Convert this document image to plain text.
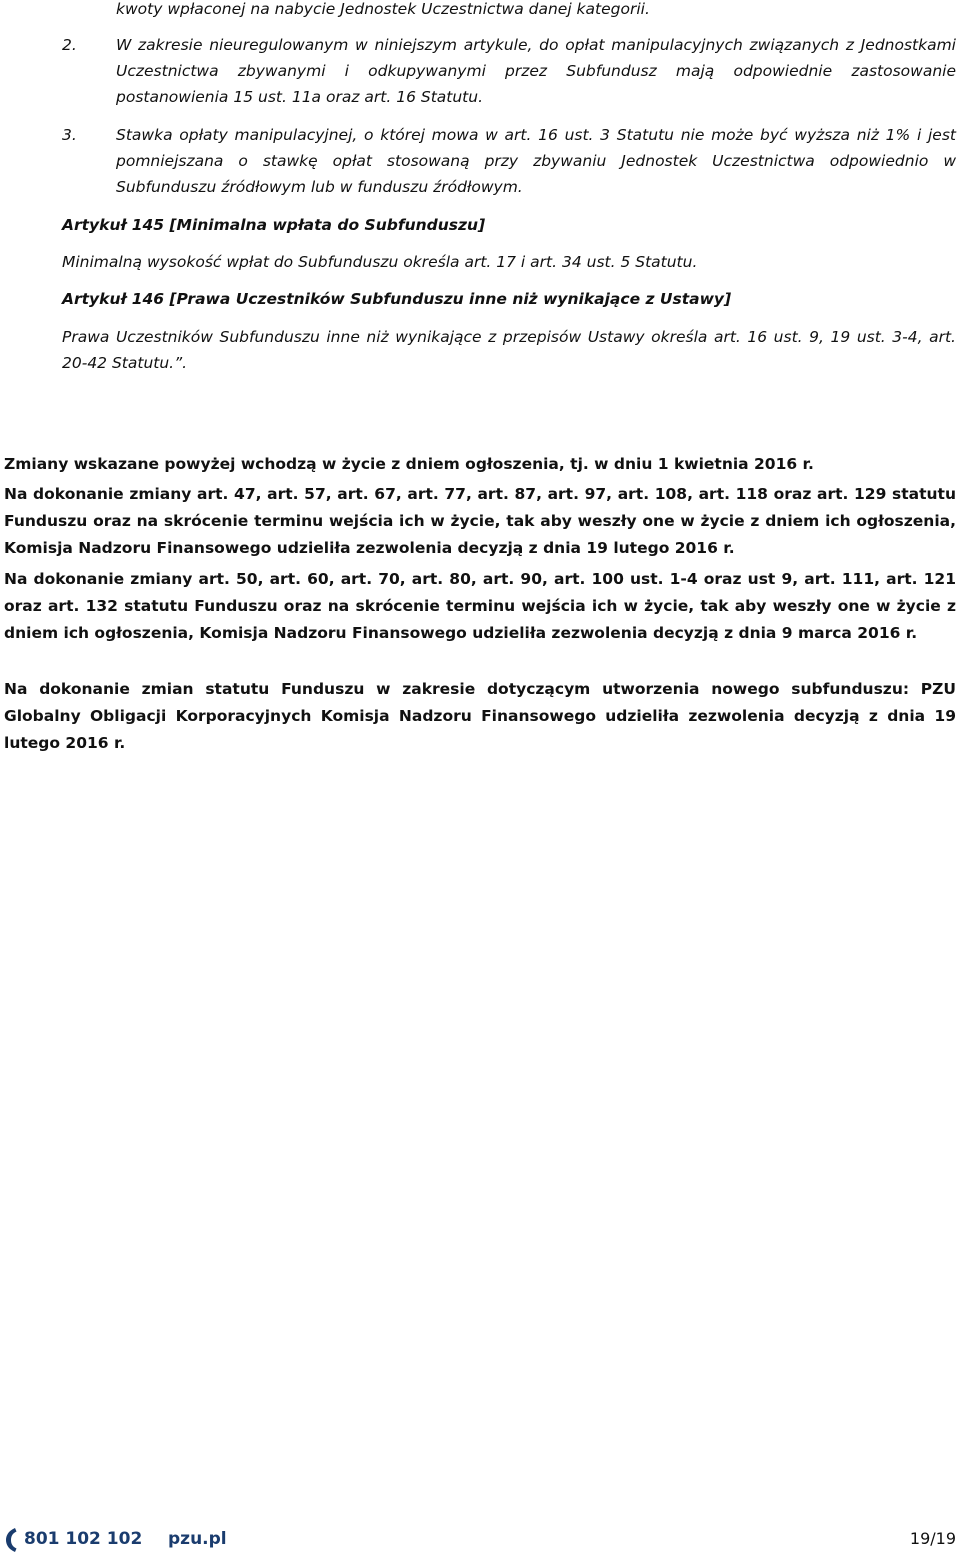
kwoty wpłaconej na nabycie Jednostek Uczestnictwa danej kategorii.
2.	W zakresie nieuregulowanym w niniejszym artykule, do opłat manipulacyjnych związanych z Jednostkami Uczestnictwa zbywanymi i odkupywanymi przez Subfundusz mają odpowiednie zastosowanie postanowienia 15 ust. 11a oraz art. 16 Statutu.
3.	Stawka opłaty manipulacyjnej, o której mowa w art. 16 ust. 3 Statutu nie może być wyższa niż 1% i jest pomniejszana o stawkę opłat stosowaną przy zbywaniu Jednostek Uczestnictwa odpowiednio w Subfunduszu źródłowym lub w funduszu źródłowym.
Artykuł 145 [Minimalna wpłata do Subfunduszu]
Minimalną wysokość wpłat do Subfunduszu określa art. 17 i art. 34 ust. 5 Statutu.
Artykuł 146 [Prawa Uczestników Subfunduszu inne niż wynikające z Ustawy]
Prawa Uczestników Subfunduszu inne niż wynikające z przepisów Ustawy określa art. 16 ust. 9, 19 ust. 3-4, art. 20-42 Statutu.”.
Zmiany wskazane powyżej wchodzą w życie z dniem ogłoszenia, tj. w dniu 1 kwietnia 2016 r.
Na dokonanie zmiany art. 47, art. 57, art. 67, art. 77, art. 87, art. 97, art. 108, art. 118 oraz art. 129 statutu Funduszu oraz na skrócenie terminu wejścia ich w życie, tak aby weszły one w życie z dniem ich ogłoszenia, Komisja Nadzoru Finansowego udzieliła zezwolenia decyzją z dnia 19 lutego 2016 r.
Na dokonanie zmiany art. 50, art. 60, art. 70, art. 80, art. 90, art. 100 ust. 1-4 oraz ust 9, art. 111, art. 121 oraz art. 132 statutu Funduszu oraz na skrócenie terminu wejścia ich w życie, tak aby weszły one w życie z dniem ich ogłoszenia, Komisja Nadzoru Finansowego udzieliła zezwolenia decyzją z dnia 9 marca 2016 r.
Na dokonanie zmian statutu Funduszu w zakresie dotyczącym utworzenia nowego subfunduszu: PZU Globalny Obligacji Korporacyjnych Komisja Nadzoru Finansowego udzieliła zezwolenia decyzją z dnia 19 lutego 2016 r.
801 102 102 pzu.pl	19/19
